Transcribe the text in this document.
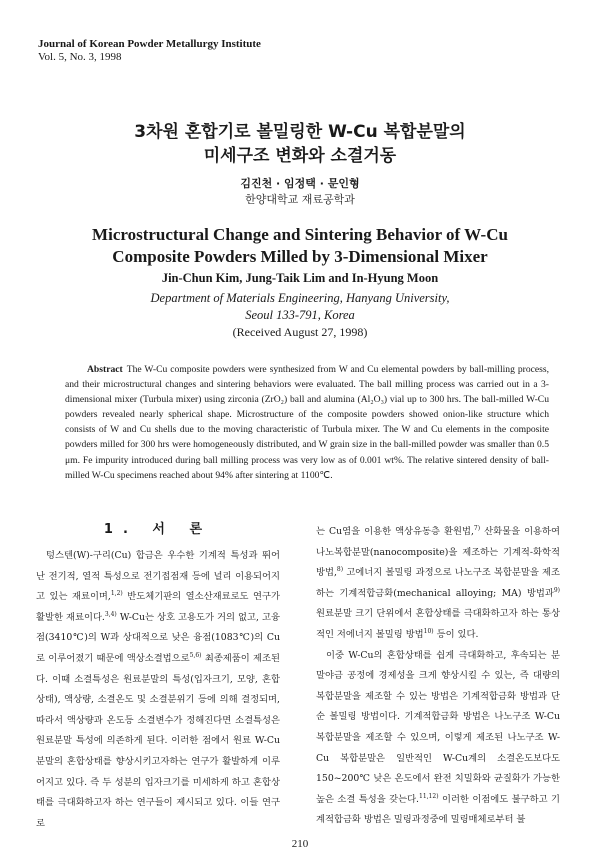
Journal of Korean Powder Metallurgy Institute
Vol. 5, No. 3, 1998
3차원 혼합기로 볼밀링한 W-Cu 복합분말의
미세구조 변화와 소결거동
김진천 · 임정택 · 문인형
한양대학교 재료공학과
Microstructural Change and Sintering Behavior of W-Cu
Composite Powders Milled by 3-Dimensional Mixer
Jin-Chun Kim, Jung-Taik Lim and In-Hyung Moon
Department of Materials Engineering, Hanyang University,
Seoul 133-791, Korea
(Received August 27, 1998)
Abstract The W-Cu composite powders were synthesized from W and Cu elemental powders by ball-milling process, and their microstructural changes and sintering behaviors were evaluated. The ball milling process was carried out in a 3-dimensional mixer (Turbula mixer) using zirconia (ZrO₂) ball and alumina (Al₂O₃) vial up to 300 hrs. The ball-milled W-Cu powders revealed nearly spherical shape. Microstructure of the composite powders showed onion-like structure which consists of W and Cu shells due to the moving characteristic of Turbula mixer. The W and Cu elements in the composite powders milled for 300 hrs were homogeneously distributed, and W grain size in the ball-milled powder was smaller than 0.5 μm. Fe impurity introduced during ball milling process was very low as of 0.001 wt%. The relative sintered density of ball-milled W-Cu specimens reached about 94% after sintering at 1100℃.
1. 서 론
텅스텐(W)-구리(Cu) 합금은 우수한 기계적 특성과 뛰어난 전기적, 열적 특성으로 전기접점재 등에 널리 이용되어지고 있는 재료이며,$^{1,2)}$ 반도체기판의 열소산재료로도 연구가 활발한 재료이다.$^{3,4)}$ W-Cu는 상호 고용도가 거의 없고, 고융점(3410℃)의 W과 상대적으로 낮은 융점(1083℃)의 Cu로 이루어졌기 때문에 액상소결법으로$^{5,6)}$ 최종제품이 제조된다. 이때 소결특성은 원료분말의 특성(입자크기, 모양, 혼합상태), 액상량, 소결온도 및 소결분위기 등에 의해 결정되며, 따라서 액상량과 온도등 소결변수가 정해진다면 소결특성은 원료분말 특성에 의존하게 된다. 이러한 점에서 원료 W-Cu 분말의 혼합상태를 향상시키고자하는 연구가 활발하게 이루어지고 있다. 즉 두 성분의 입자크기를 미세하게 하고 혼합상태를 극대화하고자 하는 연구들이 제시되고 있다. 이들 연구로

는 Cu염을 이용한 액상유동층 환원법,$^{7)}$ 산화물을 이용하여 나노복합분말(nanocomposite)을 제조하는 기계적-화학적 방법,$^{8)}$ 고에너지 볼밀링 과정으로 나노구조 복합분말을 제조하는 기계적합금화(mechanical alloying; MA) 방법과$^{9)}$ 원료분말 크기 단위에서 혼합상태를 극대화하고자 하는 통상적인 저에너지 볼밀링 방법$^{10)}$ 등이 있다.

이중 W-Cu의 혼합상태를 쉽게 극대화하고, 후속되는 분말야금 공정에 경제성을 크게 향상시킬 수 있는, 즉 대량의 복합분말을 제조할 수 있는 방법은 기계적합금화 방법과 단순 볼밀링 방법이다. 기계적합금화 방법은 나노구조 W-Cu 복합분말을 제조할 수 있으며, 이렇게 제조된 나노구조 W-Cu 복합분말은 일반적인 W-Cu계의 소결온도보다도 150~200℃ 낮은 온도에서 완전 치밀화와 균질화가 가능한 높은 소결 특성을 갖는다.$^{11,12)}$ 이러한 이점에도 불구하고 기계적합금화 방법은 밀링과정중에 밀링매체로부터 불

210
